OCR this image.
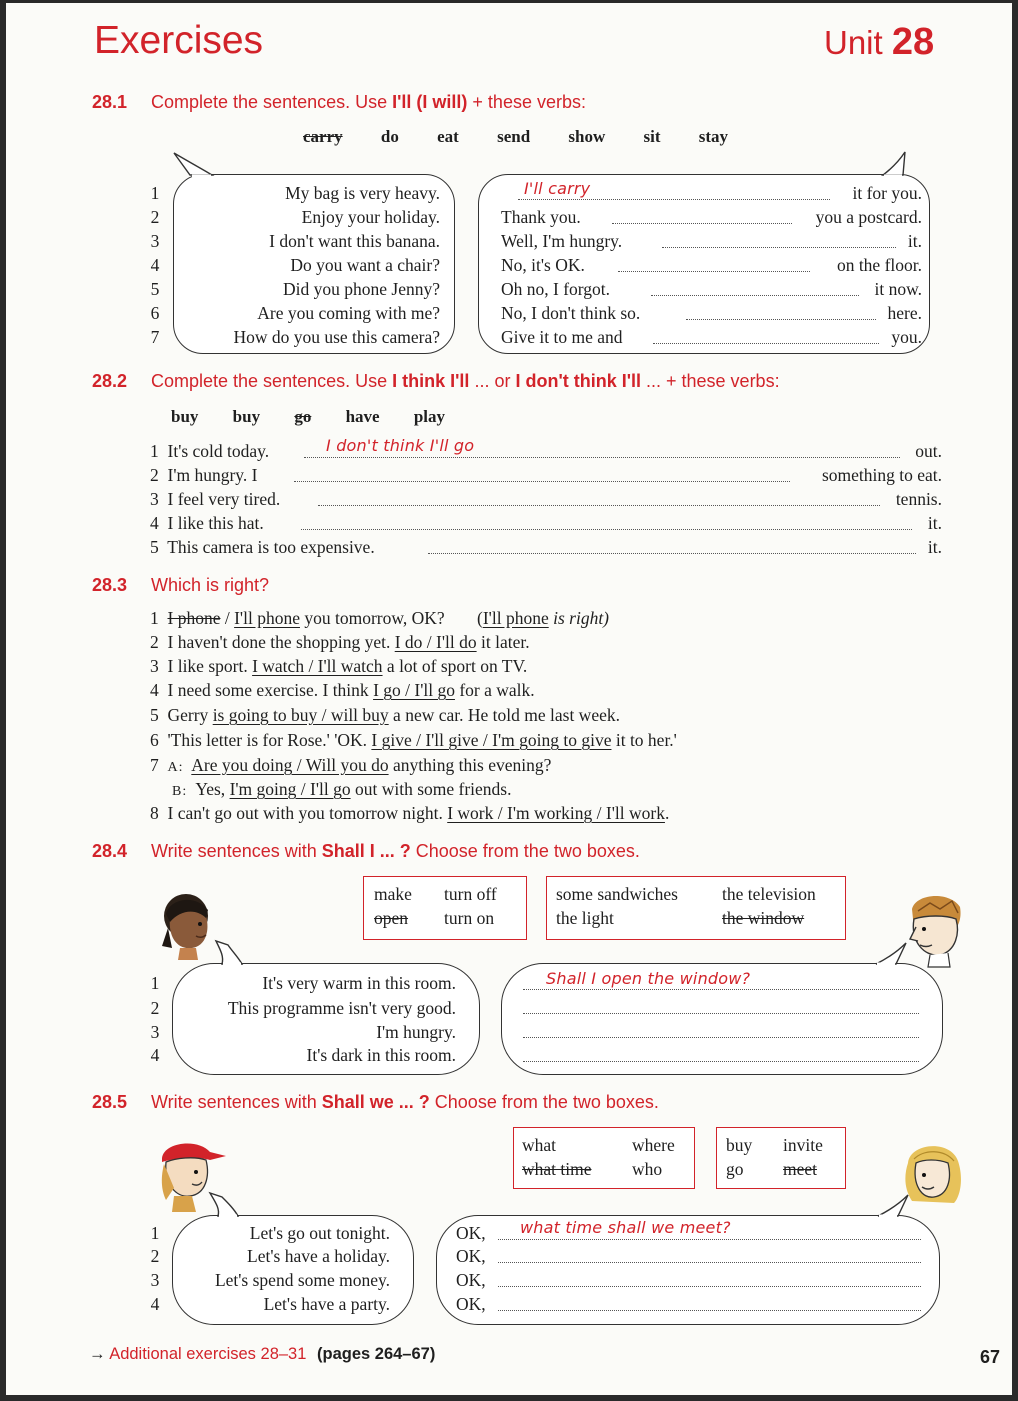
Exercises	Unit 28
28.1 Complete the sentences. Use I'll (I will) + these verbs:
carry do eat send show sit stay
1	My bag is very heavy.	I'll carry	it for you.
2	Enjoy your holiday.	Thank you.	you a postcard.
3	I don't want this banana.	Well, I'm hungry.	it.
4	Do you want a chair?	No, it's OK.	on the floor.
5	Did you phone Jenny?	Oh no, I forgot.	it now.
6	Are you coming with me?	No, I don't think so.	here.
7	How do you use this camera?	Give it to me and	you.
28.2 Complete the sentences. Use I think I'll ... or I don't think I'll ... + these verbs:
buy buy go have play
1 It's cold today.	I don't think I'll go	out.
2 I'm hungry. I	something to eat.
3 I feel very tired.	tennis.
4 I like this hat.	it.
5 This camera is too expensive.	it.
28.3 Which is right?
1 I phone / I'll phone you tomorrow, OK? (I'll phone is right)
2 I haven't done the shopping yet. I do / I'll do it later.
3 I like sport. I watch / I'll watch a lot of sport on TV.
4 I need some exercise. I think I go / I'll go for a walk.
5 Gerry is going to buy / will buy a new car. He told me last week.
6 'This letter is for Rose.' 'OK. I give / I'll give / I'm going to give it to her.'
7 A: Are you doing / Will you do anything this evening?
B: Yes, I'm going / I'll go out with some friends.
8 I can't go out with you tomorrow night. I work / I'm working / I'll work.
28.4 Write sentences with Shall I ... ? Choose from the two boxes.
make turn off
open turn on
some sandwiches	the television
the light	the window
1	It's very warm in this room.	Shall I open the window?
2	This programme isn't very good.
3	I'm hungry.
4	It's dark in this room.
28.5 Write sentences with Shall we ... ? Choose from the two boxes.
what	where
what time who
buy invite
go meet
1	Let's go out tonight.	OK, what time shall we meet?
2	Let's have a holiday.	OK,
3	Let's spend some money.	OK,
4	Let's have a party.	OK,
→ Additional exercises 28–31 (pages 264–67)	67
